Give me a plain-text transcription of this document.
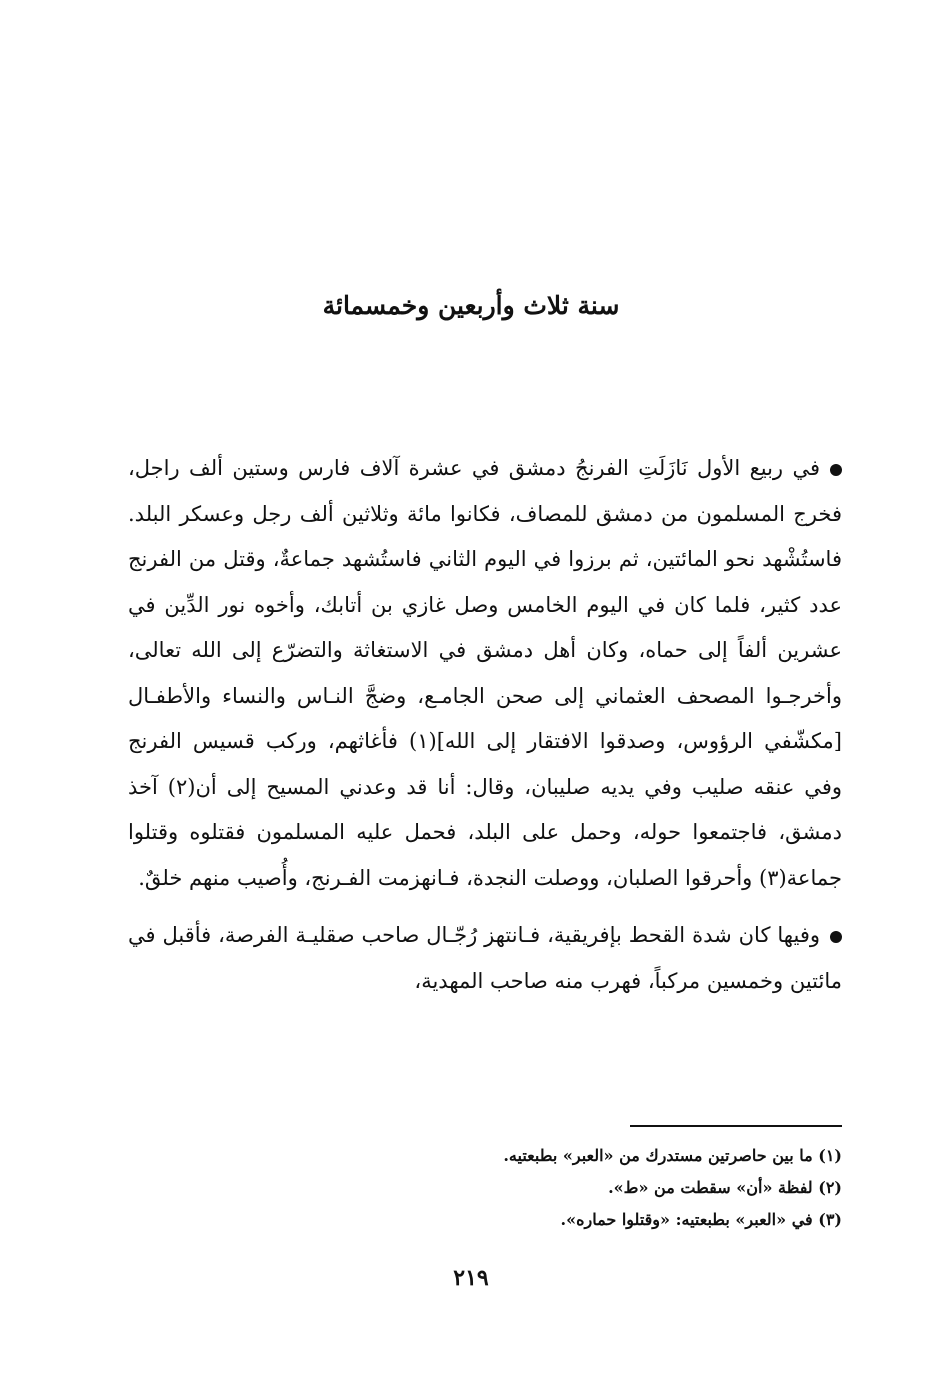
سنة ثلاث وأربعين وخمسمائة

في ربيع الأول نَازَلَتِ الفرنجُ دمشق في عشرة آلاف فارس وستين ألف راجل، فخرج المسلمون من دمشق للمصاف، فكانوا مائة وثلاثين ألف رجل وعسكر البلد. فاستُشْهد نحو المائتين، ثم برزوا في اليوم الثاني فاستُشهد جماعةٌ، وقتل من الفرنج عدد كثير، فلما كان في اليوم الخامس وصل غازي بن أتابك، وأخوه نور الدِّين في عشرين ألفاً إلى حماه، وكان أهل دمشق في الاستغاثة والتضرّع إلى الله تعالى، وأخرجـوا المصحف العثماني إلى صحن الجامـع، وضجَّ النـاس والنساء والأطفـال [مكشّفي الرؤوس، وصدقوا الافتقار إلى الله](١) فأغاثهم، وركب قسيس الفرنج وفي عنقه صليب وفي يديه صليبان، وقال: أنا قد وعدني المسيح إلى أن(٢) آخذ دمشق، فاجتمعوا حوله، وحمل على البلد، فحمل عليه المسلمون فقتلوه وقتلوا جماعة(٣) وأحرقوا الصلبان، ووصلت النجدة، فـانهزمت الفـرنج، وأُصيب منهم خلقٌ.

وفيها كان شدة القحط بإفريقية، فـانتهز رُجّـال صاحب صقليـة الفرصة، فأقبل في مائتين وخمسين مركباً، فهرب منه صاحب المهدية،

(١) ما بين حاصرتين مستدرك من «العبر» بطبعتيه.

(٢) لفظة «أن» سقطت من «ط».

(٣) في «العبر» بطبعتيه: «وقتلوا حماره».

٢١٩
